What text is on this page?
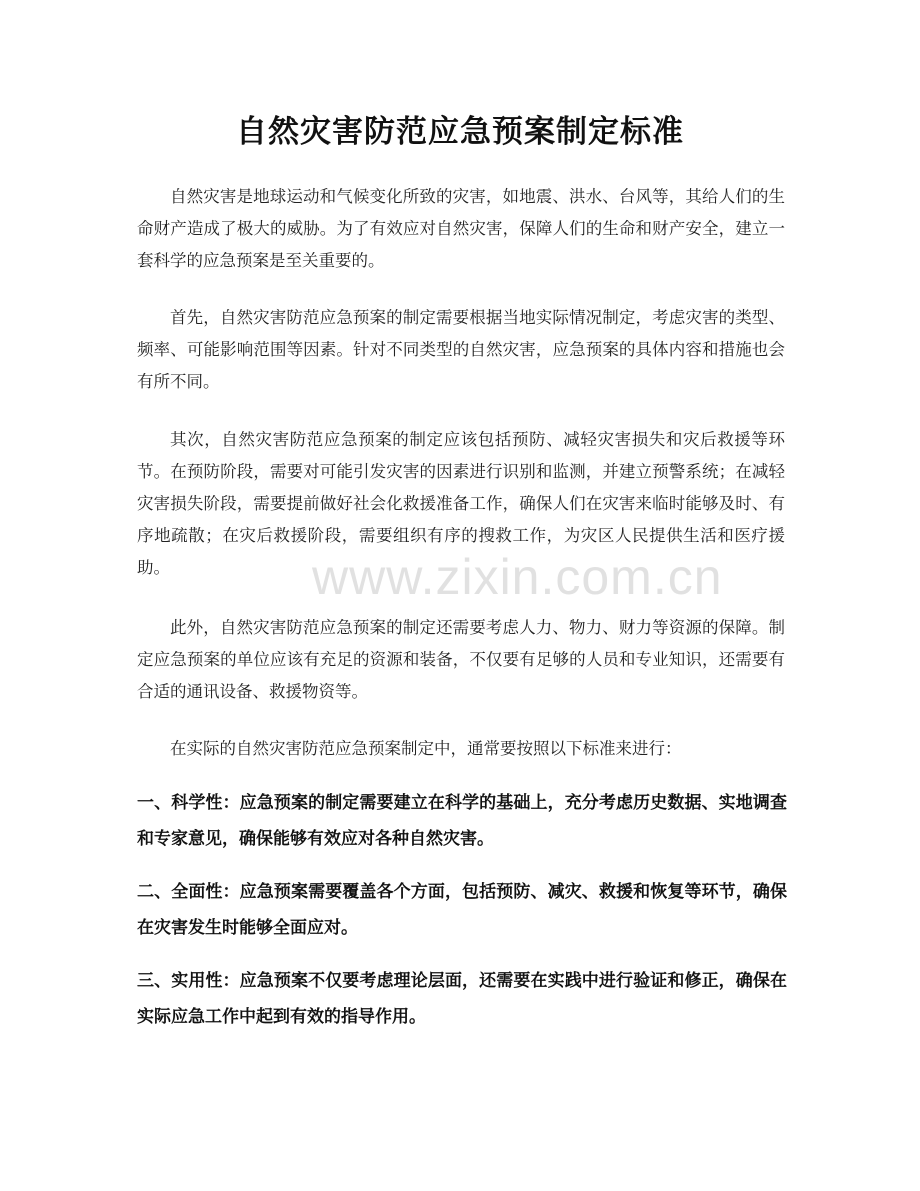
自然灾害防范应急预案制定标准

自然灾害是地球运动和气候变化所致的灾害，如地震、洪水、台风等，其给人们的生命财产造成了极大的威胁。为了有效应对自然灾害，保障人们的生命和财产安全，建立一套科学的应急预案是至关重要的。

首先，自然灾害防范应急预案的制定需要根据当地实际情况制定，考虑灾害的类型、频率、可能影响范围等因素。针对不同类型的自然灾害，应急预案的具体内容和措施也会有所不同。

其次，自然灾害防范应急预案的制定应该包括预防、减轻灾害损失和灾后救援等环节。在预防阶段，需要对可能引发灾害的因素进行识别和监测，并建立预警系统；在减轻灾害损失阶段，需要提前做好社会化救援准备工作，确保人们在灾害来临时能够及时、有序地疏散；在灾后救援阶段，需要组织有序的搜救工作，为灾区人民提供生活和医疗援助。

此外，自然灾害防范应急预案的制定还需要考虑人力、物力、财力等资源的保障。制定应急预案的单位应该有充足的资源和装备，不仅要有足够的人员和专业知识，还需要有合适的通讯设备、救援物资等。

在实际的自然灾害防范应急预案制定中，通常要按照以下标准来进行：

一、科学性：应急预案的制定需要建立在科学的基础上，充分考虑历史数据、实地调查和专家意见，确保能够有效应对各种自然灾害。

二、全面性：应急预案需要覆盖各个方面，包括预防、减灾、救援和恢复等环节，确保在灾害发生时能够全面应对。

三、实用性：应急预案不仅要考虑理论层面，还需要在实践中进行验证和修正，确保在实际应急工作中起到有效的指导作用。

www.zixin.com.cn
